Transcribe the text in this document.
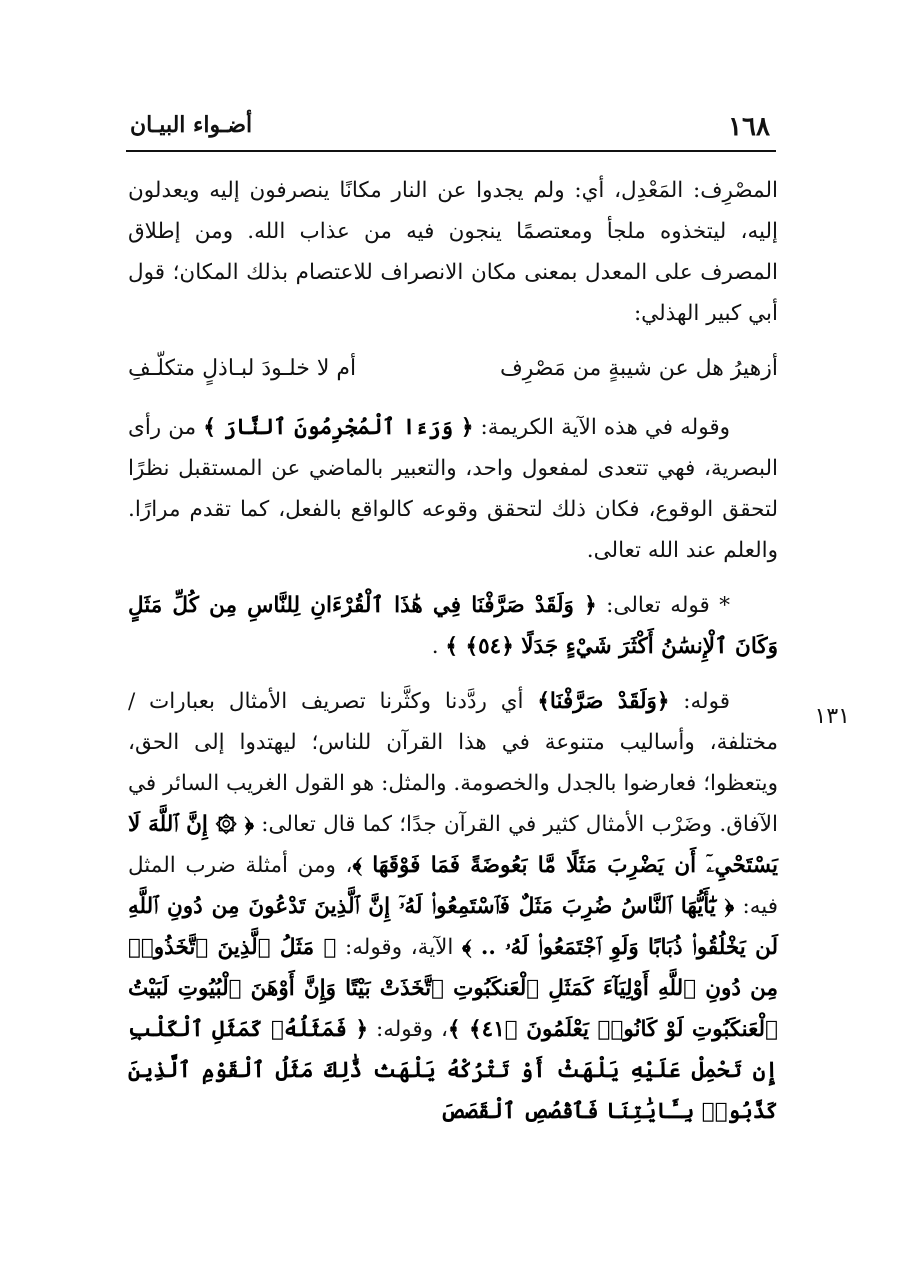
١٦٨
أضـواء البيـان
١٣١

المصْرِف: المَعْدِل، أي: ولم يجدوا عن النار مكانًا ينصرفون إليه ويعدلون إليه، ليتخذوه ملجأ ومعتصمًا ينجون فيه من عذاب الله. ومن إطلاق المصرف على المعدل بمعنى مكان الانصراف للاعتصام بذلك المكان؛ قول أبي كبير الهذلي:

أزهيرُ هل عن شيبةٍ من مَصْرِف
أم لا خلـودَ لبـاذلٍ متكلّـفِ

وقوله في هذه الآية الكريمة: ﴿ وَرَءَا ٱلْمُجْرِمُونَ ٱلنَّارَ ﴾ من رأى البصرية، فهي تتعدى لمفعول واحد، والتعبير بالماضي عن المستقبل نظرًا لتحقق الوقوع، فكان ذلك لتحقق وقوعه كالواقع بالفعل، كما تقدم مرارًا. والعلم عند الله تعالى.

* قوله تعالى: ﴿ وَلَقَدْ صَرَّفْنَا فِي هَٰذَا ٱلْقُرْءَانِ لِلنَّاسِ مِن كُلِّ مَثَلٍ وَكَانَ ٱلْإِنسَٰنُ أَكْثَرَ شَيْءٍ جَدَلًا ﴿٥٤﴾ ﴾ .

قوله: ﴿وَلَقَدْ صَرَّفْنَا﴾ أي ردَّدنا وكثَّرنا تصريف الأمثال بعبارات / مختلفة، وأساليب متنوعة في هذا القرآن للناس؛ ليهتدوا إلى الحق، ويتعظوا؛ فعارضوا بالجدل والخصومة. والمثل: هو القول الغريب السائر في الآفاق. وضَرْب الأمثال كثير في القرآن جدًا؛ كما قال تعالى: ﴿ ۞ إِنَّ ٱللَّهَ لَا يَسْتَحْيِۦٓ أَن يَضْرِبَ مَثَلًا مَّا بَعُوضَةً فَمَا فَوْقَهَا ﴾، ومن أمثلة ضرب المثل فيه: ﴿ يَٰٓأَيُّهَا ٱلنَّاسُ ضُرِبَ مَثَلٌ فَٱسْتَمِعُوا۟ لَهُۥٓ إِنَّ ٱلَّذِينَ تَدْعُونَ مِن دُونِ ٱللَّهِ لَن يَخْلُقُوا۟ ذُبَابًا وَلَوِ ٱجْتَمَعُوا۟ لَهُۥ .. ﴾ الآية، وقوله: ﴿ مَثَلُ ٱلَّذِينَ ٱتَّخَذُوا۟ مِن دُونِ ٱللَّهِ أَوْلِيَآءَ كَمَثَلِ ٱلْعَنكَبُوتِ ٱتَّخَذَتْ بَيْتًا وَإِنَّ أَوْهَنَ ٱلْبُيُوتِ لَبَيْتُ ٱلْعَنكَبُوتِ لَوْ كَانُوا۟ يَعْلَمُونَ ﴿٤١﴾ ﴾، وقوله: ﴿ فَمَثَلُهُۥ كَمَثَلِ ٱلْكَلْبِ إِن تَحْمِلْ عَلَيْهِ يَلْهَثْ أَوْ تَتْرُكْهُ يَلْهَث ذَّٰلِكَ مَثَلُ ٱلْقَوْمِ ٱلَّذِينَ كَذَّبُوا۟ بِـَٔايَٰتِنَا فَٱقْصُصِ ٱلْقَصَصَ
